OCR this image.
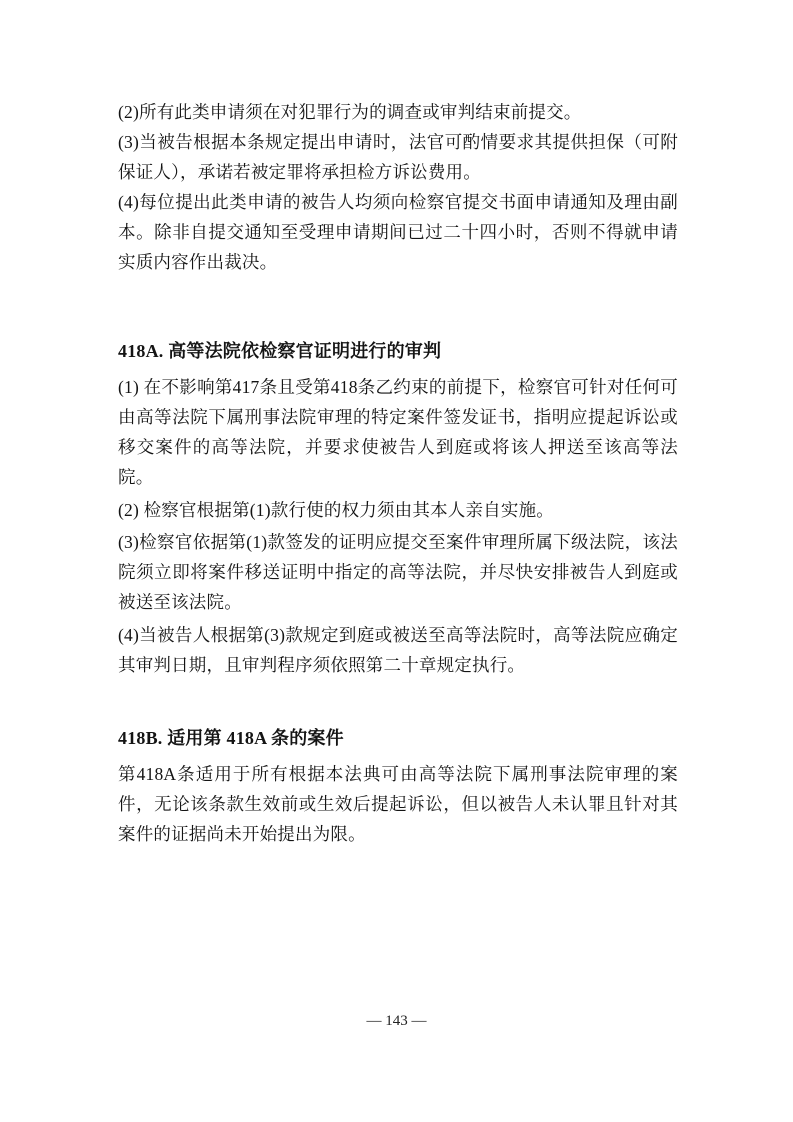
(2)所有此类申请须在对犯罪行为的调查或审判结束前提交。

(3)当被告根据本条规定提出申请时，法官可酌情要求其提供担保（可附保证人），承诺若被定罪将承担检方诉讼费用。

(4)每位提出此类申请的被告人均须向检察官提交书面申请通知及理由副本。除非自提交通知至受理申请期间已过二十四小时，否则不得就申请实质内容作出裁决。

418A. 高等法院依检察官证明进行的审判

(1) 在不影响第417条且受第418条乙约束的前提下，检察官可针对任何可由高等法院下属刑事法院审理的特定案件签发证书，指明应提起诉讼或移交案件的高等法院，并要求使被告人到庭或将该人押送至该高等法院。

(2) 检察官根据第(1)款行使的权力须由其本人亲自实施。

(3)检察官依据第(1)款签发的证明应提交至案件审理所属下级法院，该法院须立即将案件移送证明中指定的高等法院，并尽快安排被告人到庭或被送至该法院。

(4)当被告人根据第(3)款规定到庭或被送至高等法院时，高等法院应确定其审判日期，且审判程序须依照第二十章规定执行。

418B. 适用第 418A 条的案件

第418A条适用于所有根据本法典可由高等法院下属刑事法院审理的案件，无论该条款生效前或生效后提起诉讼，但以被告人未认罪且针对其案件的证据尚未开始提出为限。

— 143 —
